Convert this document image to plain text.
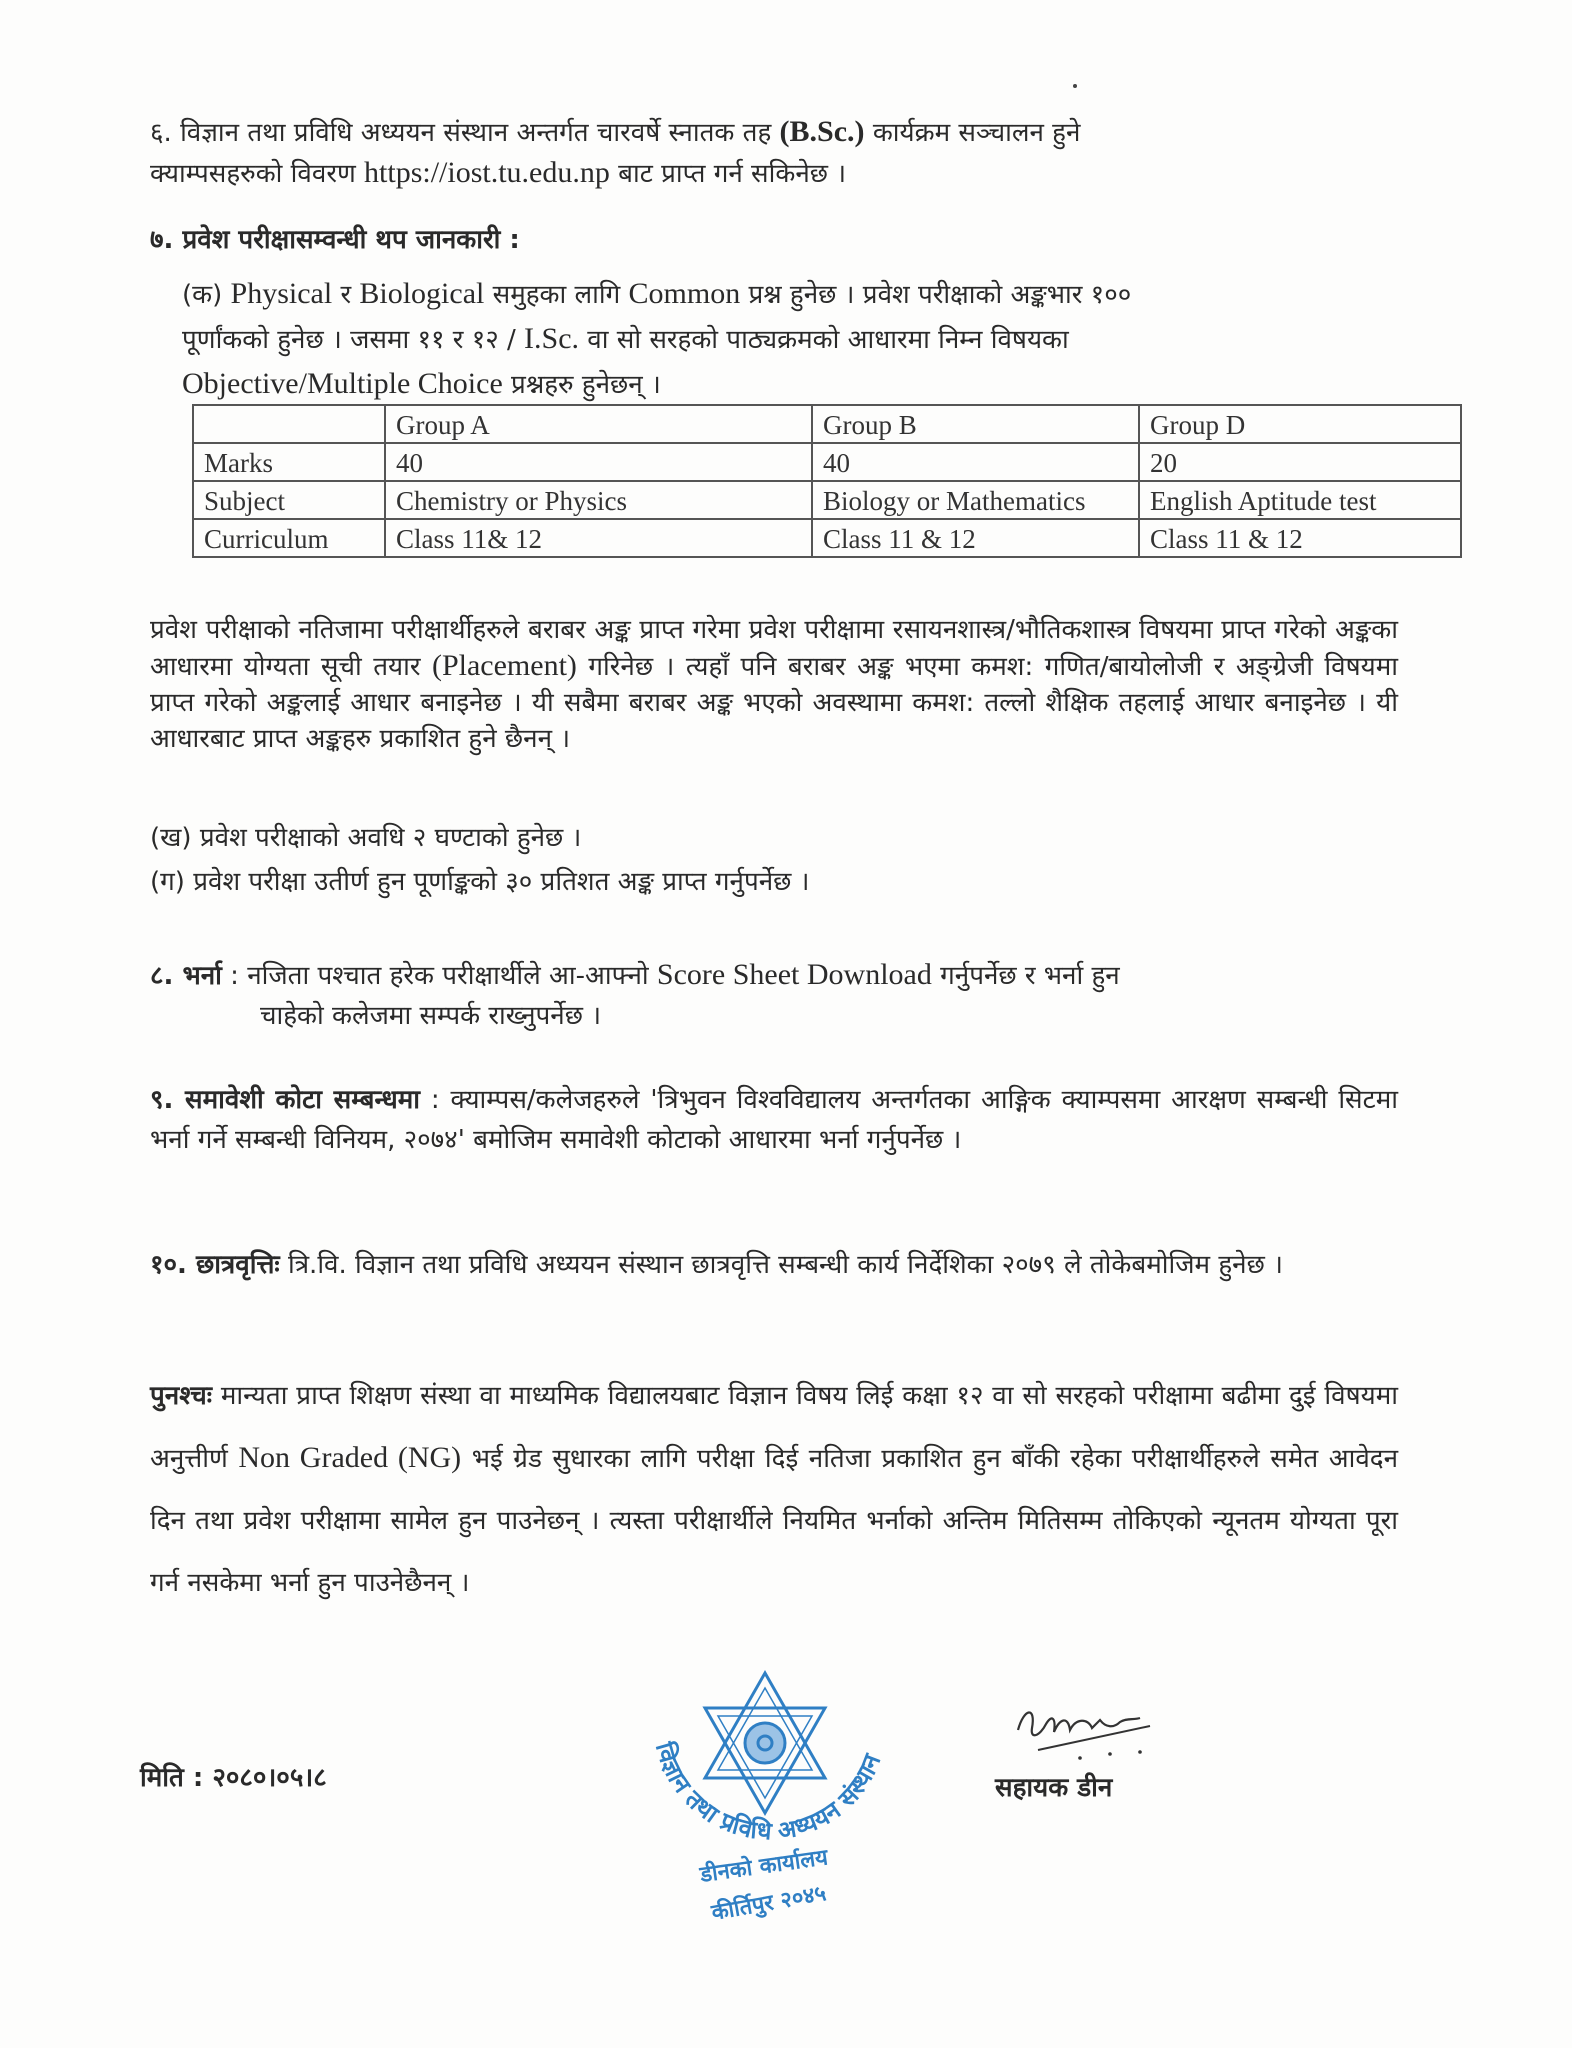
६. विज्ञान तथा प्रविधि अध्ययन संस्थान अन्तर्गत चारवर्षे स्नातक तह (B.Sc.) कार्यक्रम सञ्चालन हुने
क्याम्पसहरुको विवरण https://iost.tu.edu.np बाट प्राप्त गर्न सकिनेछ ।
७. प्रवेश परीक्षासम्वन्धी थप जानकारी :
(क) Physical र Biological समुहका लागि Common प्रश्न हुनेछ । प्रवेश परीक्षाको अङ्कभार १००
पूर्णांकको हुनेछ । जसमा ११ र १२ / I.Sc. वा सो सरहको पाठ्यक्रमको आधारमा निम्न विषयका
Objective/Multiple Choice प्रश्नहरु हुनेछन् ।
	Group A	Group B	Group D
Marks	40	40	20
Subject	Chemistry or Physics	Biology or Mathematics	English Aptitude test
Curriculum	Class 11& 12	Class 11 & 12	Class 11 & 12
प्रवेश परीक्षाको नतिजामा परीक्षार्थीहरुले बराबर अङ्क प्राप्त गरेमा प्रवेश परीक्षामा रसायनशास्त्र/भौतिकशास्त्र विषयमा प्राप्त गरेको अङ्कका आधारमा योग्यता सूची तयार (Placement) गरिनेछ । त्यहाँ पनि बराबर अङ्क भएमा कमश: गणित/बायोलोजी र अङ्ग्रेजी विषयमा प्राप्त गरेको अङ्कलाई आधार बनाइनेछ । यी सबैमा बराबर अङ्क भएको अवस्थामा कमश: तल्लो शैक्षिक तहलाई आधार बनाइनेछ । यी आधारबाट प्राप्त अङ्कहरु प्रकाशित हुने छैनन् ।
(ख) प्रवेश परीक्षाको अवधि २ घण्टाको हुनेछ ।
(ग) प्रवेश परीक्षा उतीर्ण हुन पूर्णाङ्कको ३० प्रतिशत अङ्क प्राप्त गर्नुपर्नेछ ।
८. भर्ना : नजिता पश्चात हरेक परीक्षार्थीले आ-आफ्नो Score Sheet Download गर्नुपर्नेछ र भर्ना हुन
चाहेको कलेजमा सम्पर्क राख्नुपर्नेछ ।
९. समावेशी कोटा सम्बन्धमा : क्याम्पस/कलेजहरुले 'त्रिभुवन विश्वविद्यालय अन्तर्गतका आङ्गिक क्याम्पसमा आरक्षण सम्बन्धी सिटमा भर्ना गर्ने सम्बन्धी विनियम, २०७४' बमोजिम समावेशी कोटाको आधारमा भर्ना गर्नुपर्नेछ ।
१०. छात्रवृत्तिः त्रि.वि. विज्ञान तथा प्रविधि अध्ययन संस्थान छात्रवृत्ति सम्बन्धी कार्य निर्देशिका २०७९ ले तोकेबमोजिम हुनेछ ।
पुनश्चः मान्यता प्राप्त शिक्षण संस्था वा माध्यमिक विद्यालयबाट विज्ञान विषय लिई कक्षा १२ वा सो सरहको परीक्षामा बढीमा दुई विषयमा अनुत्तीर्ण Non Graded (NG) भई ग्रेड सुधारका लागि परीक्षा दिई नतिजा प्रकाशित हुन बाँकी रहेका परीक्षार्थीहरुले समेत आवेदन दिन तथा प्रवेश परीक्षामा सामेल हुन पाउनेछन् । त्यस्ता परीक्षार्थीले नियमित भर्नाको अन्तिम मितिसम्म तोकिएको न्यूनतम योग्यता पूरा गर्न नसकेमा भर्ना हुन पाउनेछैनन् ।
मिति : २०८०।०५।८
विज्ञान तथा प्रविधि अध्ययन संस्थान
डीनको कार्यालय
कीर्तिपुर २०४५
सहायक डीन
